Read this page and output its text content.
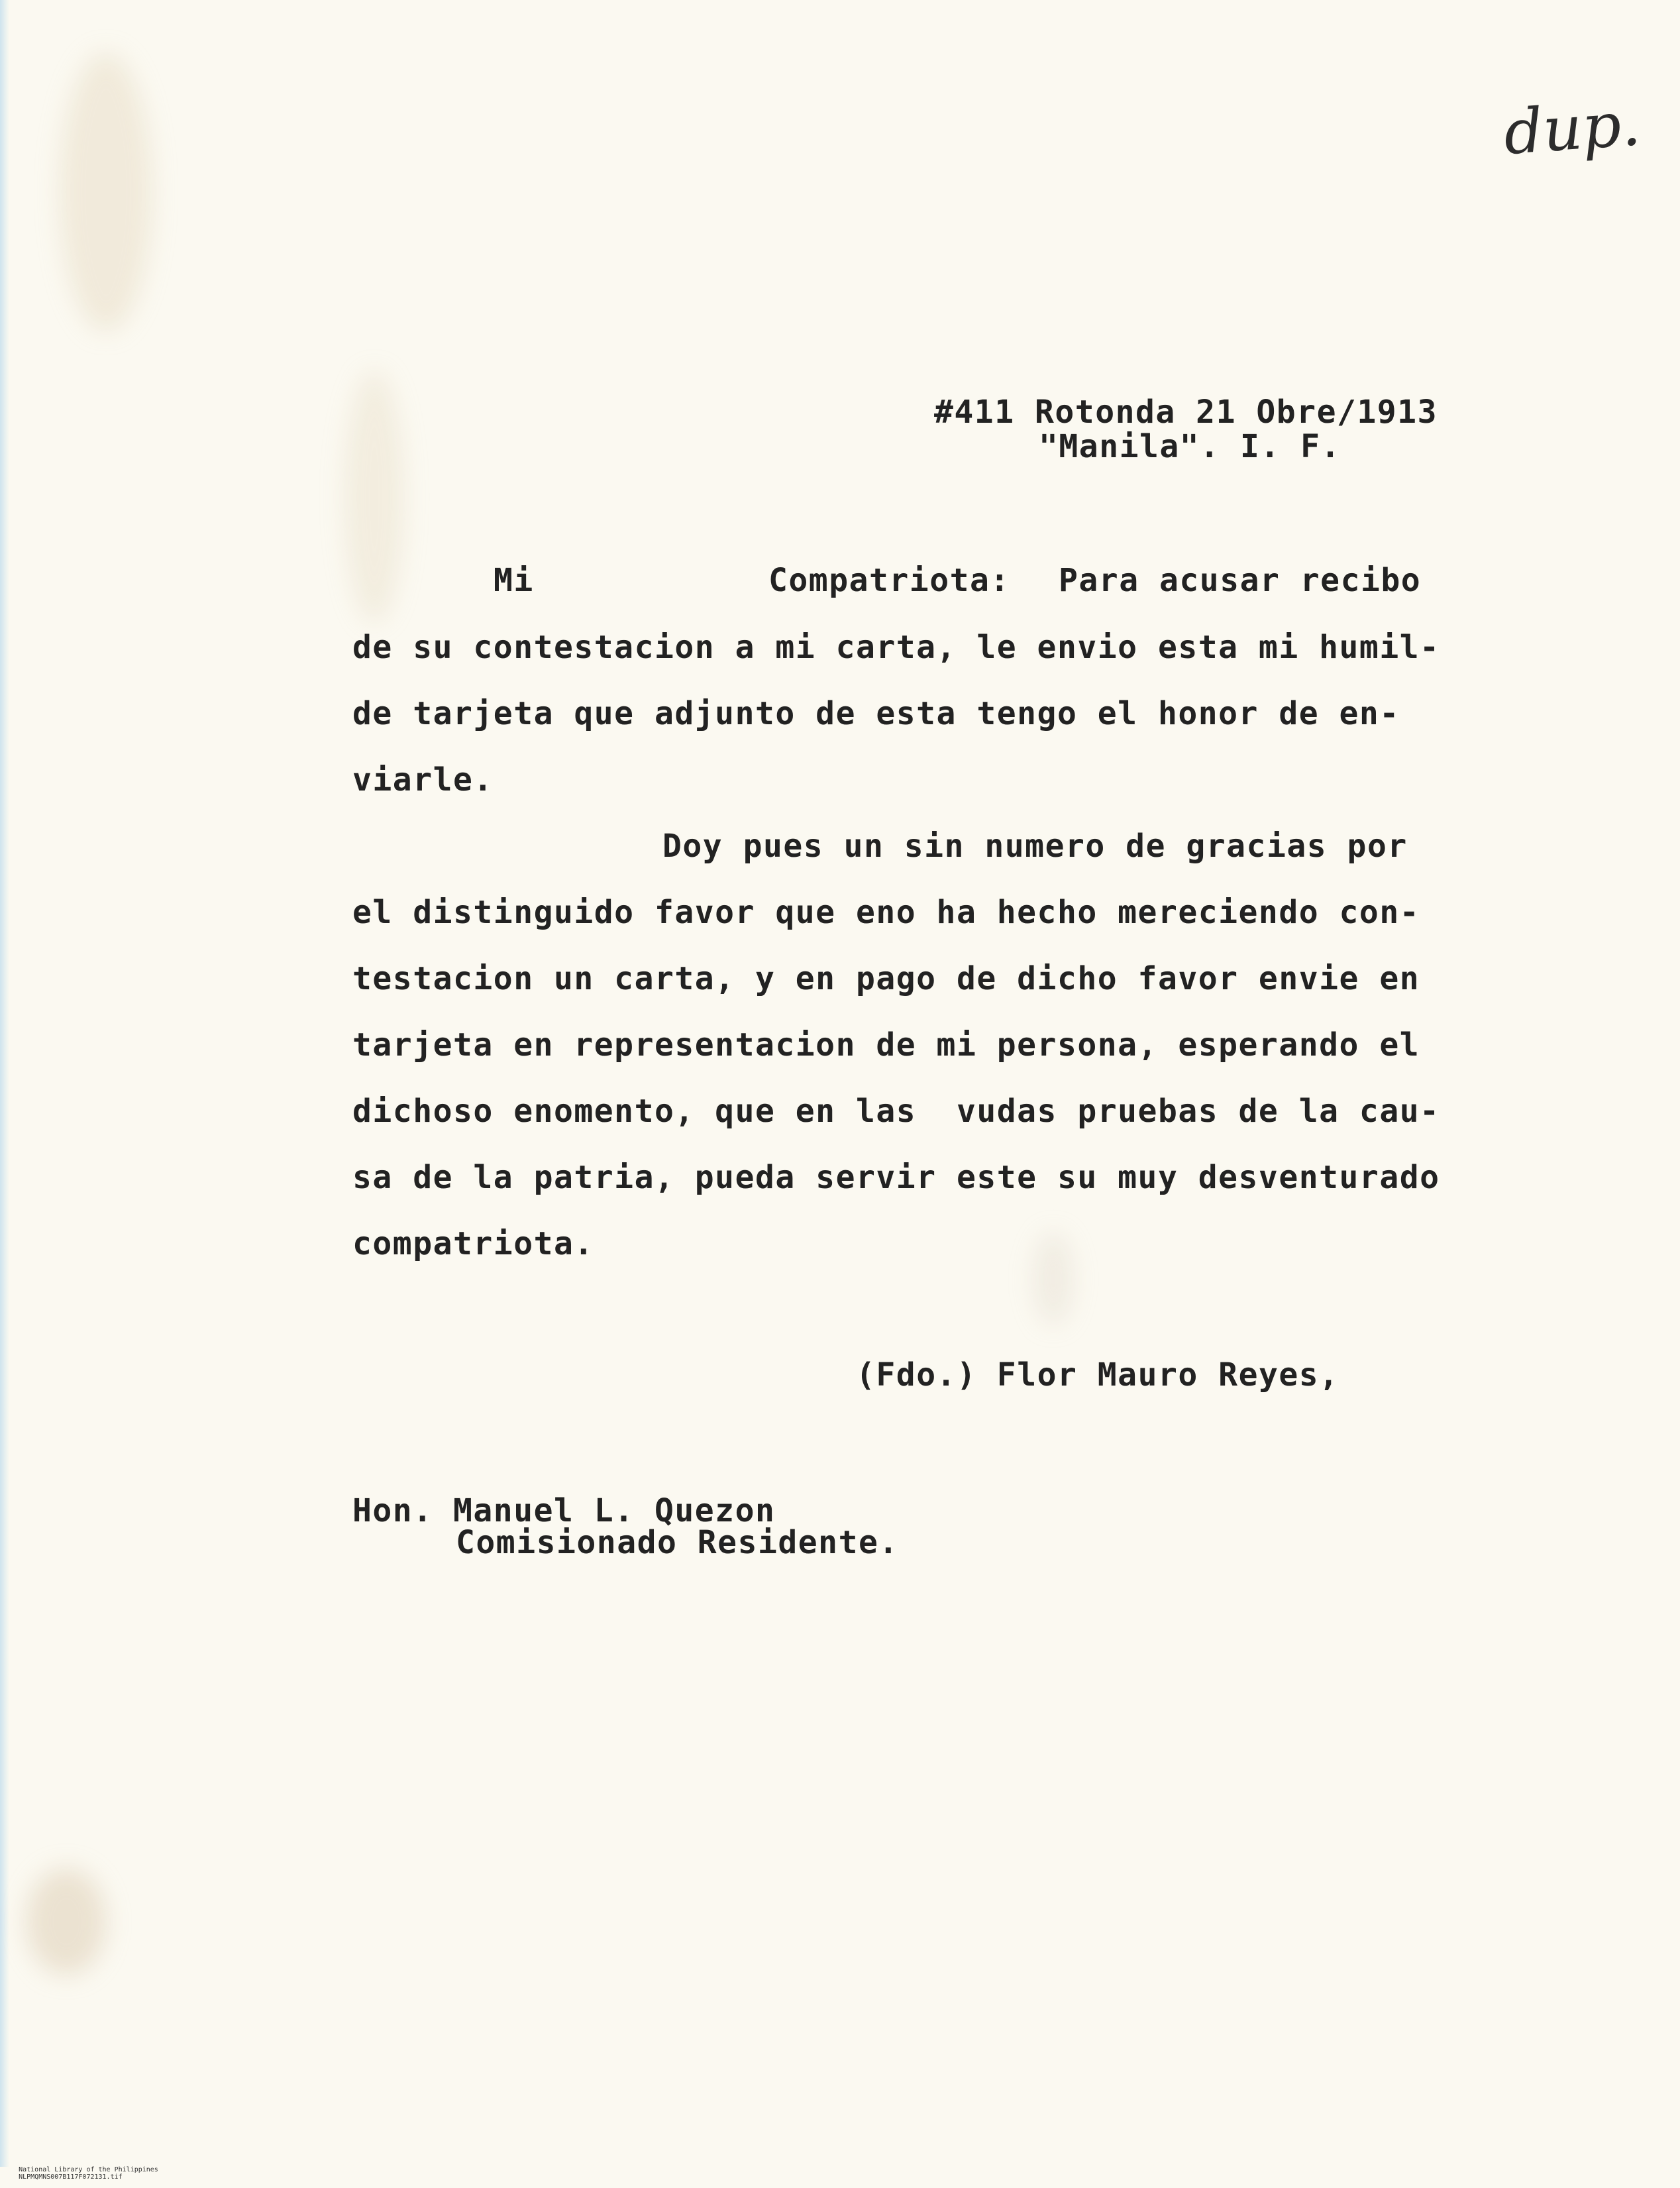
dup.

#411 Rotonda 21 Obre/1913

"Manila". I. F.

Mi	Compatriota: Para acusar recibo

de su contestacion a mi carta, le envio esta mi humil-

de tarjeta que adjunto de esta tengo el honor de en-

viarle.

Doy pues un sin numero de gracias por

el distinguido favor que eno ha hecho mereciendo con-

testacion un carta, y en pago de dicho favor envie en

tarjeta en representacion de mi persona, esperando el

dichoso enomento, que en las  vudas pruebas de la cau-

sa de la patria, pueda servir este su muy desventurado

compatriota.

(Fdo.) Flor Mauro Reyes,

Hon. Manuel L. Quezon

Comisionado Residente.

National Library of the Philippines
NLPMQMNS007B117F072131.tif
